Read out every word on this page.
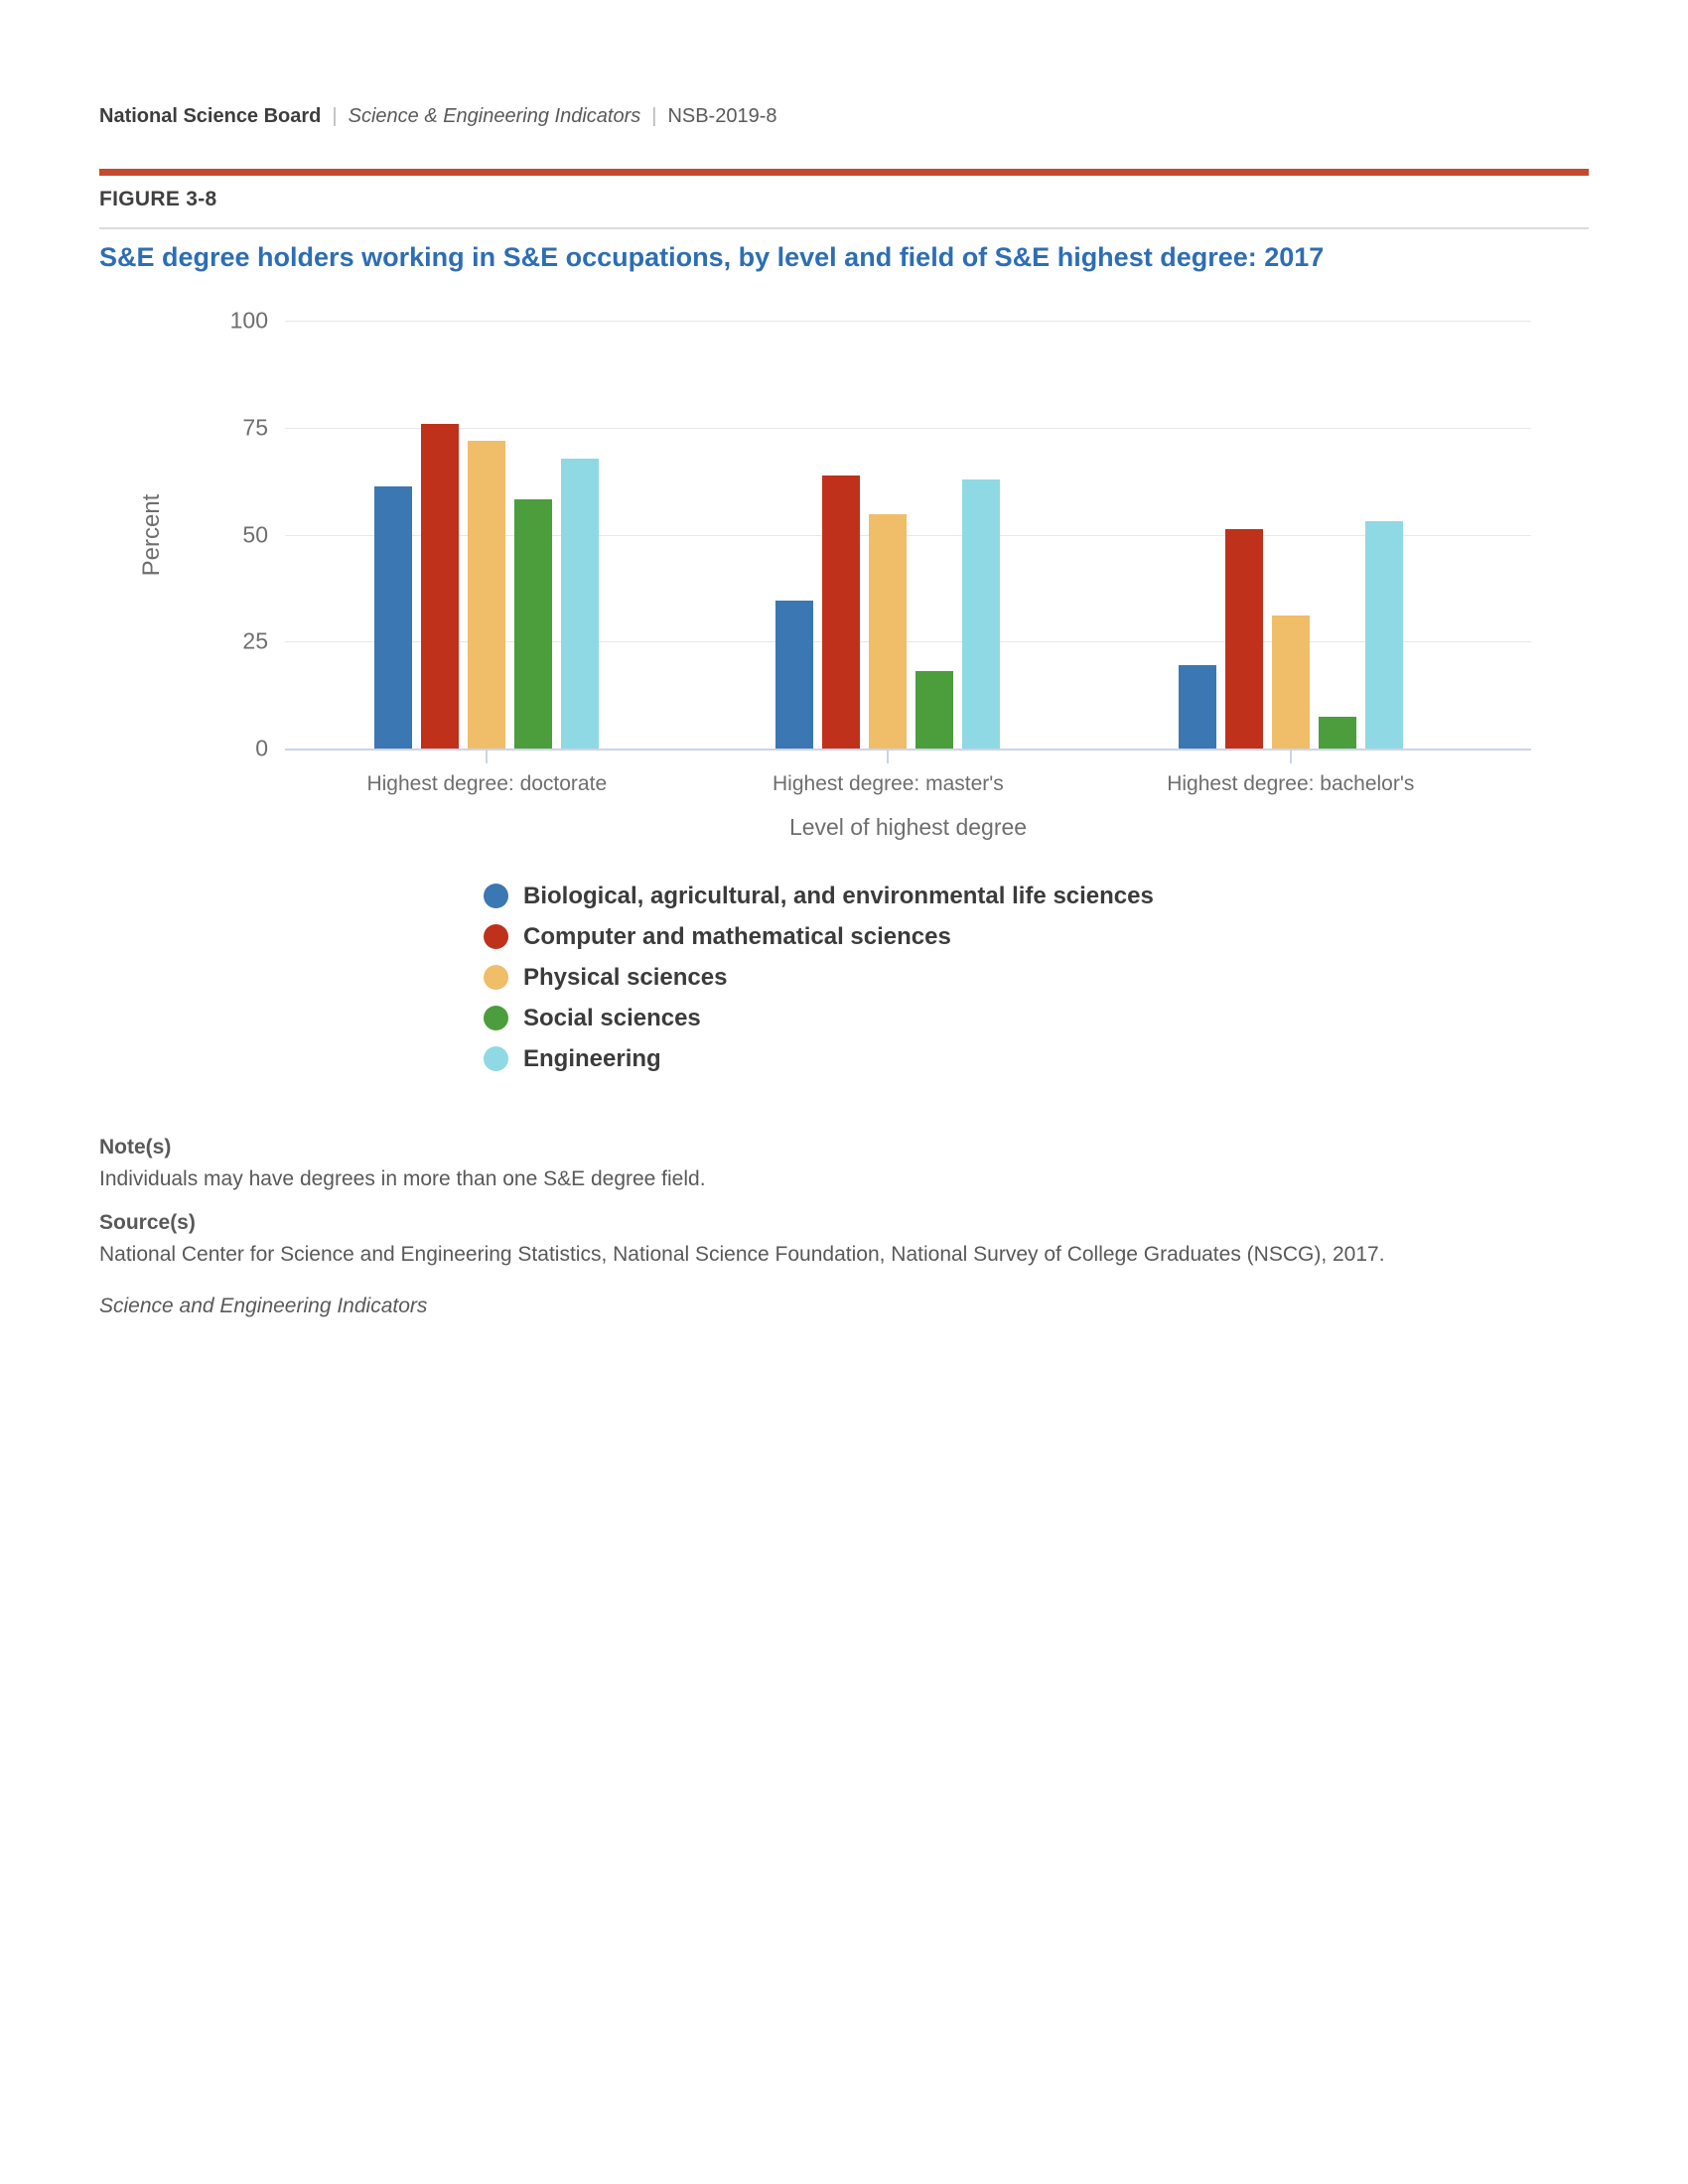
National Science Board | Science & Engineering Indicators | NSB-2019-8
FIGURE 3-8
S&E degree holders working in S&E occupations, by level and field of S&E highest degree: 2017
Percent
Level of highest degree
0
25
50
75
100
Highest degree: doctorate	Highest degree: master's	Highest degree: bachelor's
Biological, agricultural, and environmental life sciences
Computer and mathematical sciences
Physical sciences
Social sciences
Engineering
Note(s)
Individuals may have degrees in more than one S&E degree field.
Source(s)
National Center for Science and Engineering Statistics, National Science Foundation, National Survey of College Graduates (NSCG), 2017.
Science and Engineering Indicators
